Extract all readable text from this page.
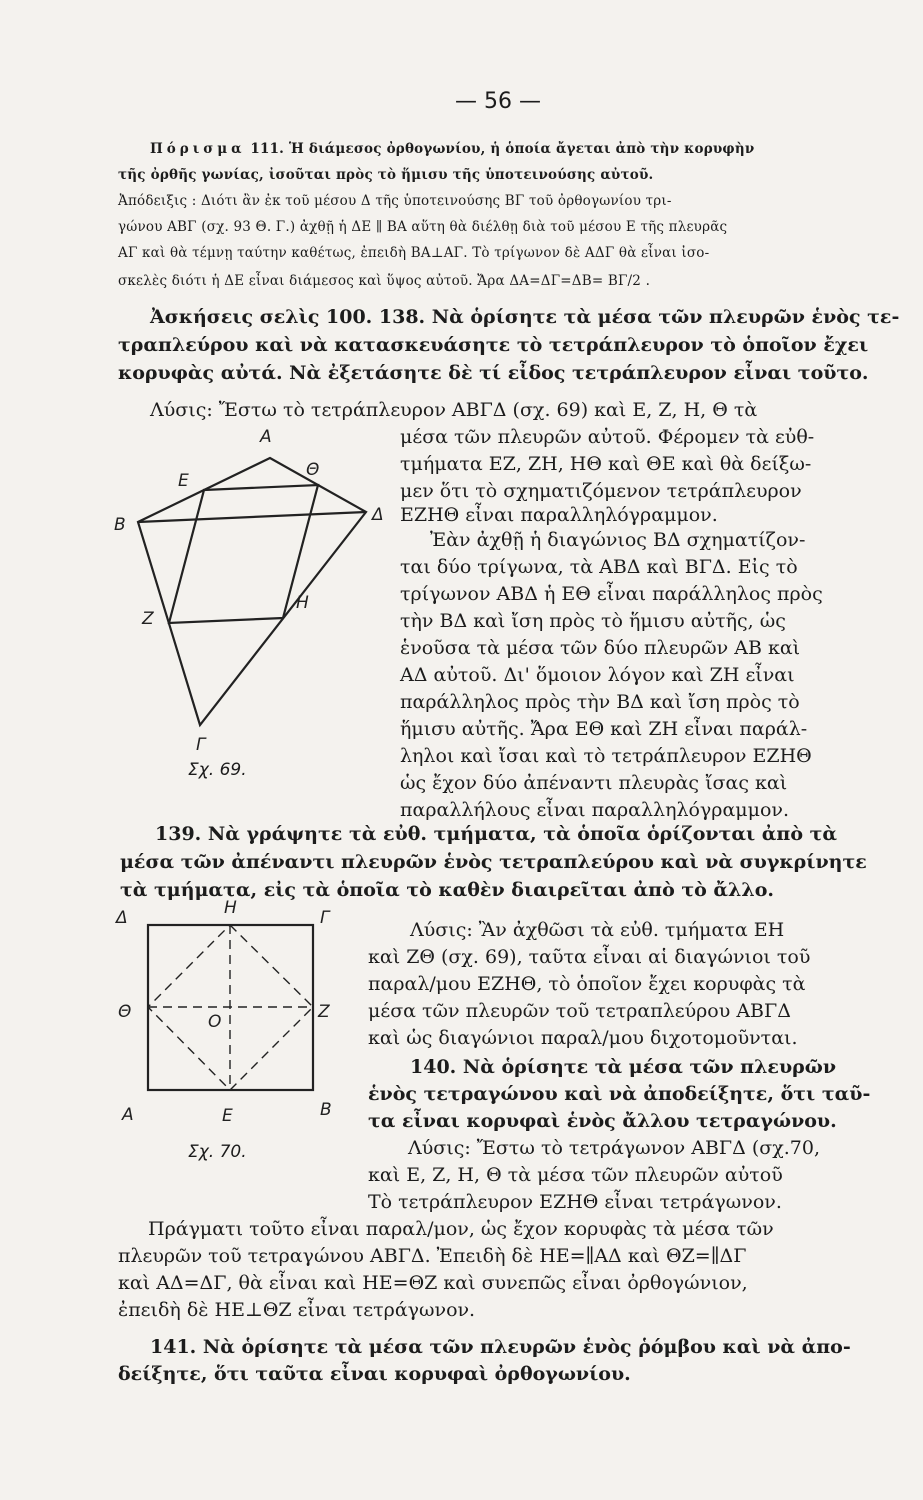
— 56 —
Πόρισμα 111. Ἡ διάμεσος ὀρθογωνίου, ἡ ὁποία ἄγεται ἀπὸ τὴν κορυφὴν
τῆς ὀρθῆς γωνίας, ἰσοῦται πρὸς τὸ ἥμισυ τῆς ὑποτεινούσης αὐτοῦ.
Ἀπόδειξις : Διότι ἂν ἐκ τοῦ μέσου Δ τῆς ὑποτεινούσης ΒΓ τοῦ ὀρθογωνίου τρι-
γώνου ΑΒΓ (σχ. 93 Θ. Γ.) ἀχθῇ ἡ ΔΕ ∥ ΒΑ αὕτη θὰ διέλθῃ διὰ τοῦ μέσου Ε τῆς πλευρᾶς
ΑΓ καὶ θὰ τέμνῃ ταύτην καθέτως, ἐπειδὴ ΒΑ⊥ΑΓ. Τὸ τρίγωνον δὲ ΑΔΓ θὰ εἶναι ἰσο-
σκελὲς διότι ἡ ΔΕ εἶναι διάμεσος καὶ ὕψος αὐτοῦ. Ἄρα ΔΑ=ΔΓ=ΔΒ= ΒΓ/2 .
Ἀσκήσεις σελὶς 100. 138. Νὰ ὁρίσητε τὰ μέσα τῶν πλευρῶν ἑνὸς τε-
τραπλεύρου καὶ νὰ κατασκευάσητε τὸ τετράπλευρον τὸ ὁποῖον ἔχει
κορυφὰς αὐτά. Νὰ ἐξετάσητε δὲ τί εἶδος τετράπλευρον εἶναι τοῦτο.
Λύσις: Ἔστω τὸ τετράπλευρον ΑΒΓΔ (σχ. 69) καὶ Ε, Ζ, Η, Θ τὰ
μέσα τῶν πλευρῶν αὐτοῦ. Φέρομεν τὰ εὐθ-
τμήματα ΕΖ, ΖΗ, ΗΘ καὶ ΘΕ καὶ θὰ δείξω-
μεν ὅτι τὸ σχηματιζόμενον τετράπλευρον
ΕΖΗΘ εἶναι παραλληλόγραμμον.
Ἐὰν ἀχθῇ ἡ διαγώνιος ΒΔ σχηματίζον-
ται δύο τρίγωνα, τὰ ΑΒΔ καὶ ΒΓΔ. Εἰς τὸ
τρίγωνον ΑΒΔ ἡ ΕΘ εἶναι παράλληλος πρὸς
τὴν ΒΔ καὶ ἴση πρὸς τὸ ἥμισυ αὐτῆς, ὡς
ἑνοῦσα τὰ μέσα τῶν δύο πλευρῶν ΑΒ καὶ
ΑΔ αὐτοῦ. Δι' ὅμοιον λόγον καὶ ΖΗ εἶναι
παράλληλος πρὸς τὴν ΒΔ καὶ ἴση πρὸς τὸ
ἥμισυ αὐτῆς. Ἄρα ΕΘ καὶ ΖΗ εἶναι παράλ-
ληλοι καὶ ἴσαι καὶ τὸ τετράπλευρον ΕΖΗΘ
ὡς ἔχον δύο ἀπέναντι πλευρὰς ἴσας καὶ
παραλλήλους εἶναι παραλληλόγραμμον.
Α
Β
Ε
Θ
Δ
Ζ
Η
Γ
Σχ. 69.
139. Νὰ γράψητε τὰ εὐθ. τμήματα, τὰ ὁποῖα ὁρίζονται ἀπὸ τὰ
μέσα τῶν ἀπέναντι πλευρῶν ἑνὸς τετραπλεύρου καὶ νὰ συγκρίνητε
τὰ τμήματα, εἰς τὰ ὁποῖα τὸ καθὲν διαιρεῖται ἀπὸ τὸ ἄλλο.
Λύσις: Ἂν ἀχθῶσι τὰ εὐθ. τμήματα ΕΗ
καὶ ΖΘ (σχ. 69), ταῦτα εἶναι αἱ διαγώνιοι τοῦ
παραλ/μου ΕΖΗΘ, τὸ ὁποῖον ἔχει κορυφὰς τὰ
μέσα τῶν πλευρῶν τοῦ τετραπλεύρου ΑΒΓΔ
καὶ ὡς διαγώνιοι παραλ/μου διχοτομοῦνται.
140. Νὰ ὁρίσητε τὰ μέσα τῶν πλευρῶν
ἑνὸς τετραγώνου καὶ νὰ ἀποδείξητε, ὅτι ταῦ-
τα εἶναι κορυφαὶ ἑνὸς ἄλλου τετραγώνου.
Λύσις: Ἔστω τὸ τετράγωνον ΑΒΓΔ (σχ.70,
καὶ Ε, Ζ, Η, Θ τὰ μέσα τῶν πλευρῶν αὐτοῦ
Τὸ τετράπλευρον ΕΖΗΘ εἶναι τετράγωνον.
Πράγματι τοῦτο εἶναι παραλ/μον, ὡς ἔχον κορυφὰς τὰ μέσα τῶν
πλευρῶν τοῦ τετραγώνου ΑΒΓΔ. Ἐπειδὴ δὲ ΗΕ=∥ΑΔ καὶ ΘΖ=∥ΔΓ
καὶ ΑΔ=ΔΓ, θὰ εἶναι καὶ ΗΕ=ΘΖ καὶ συνεπῶς εἶναι ὀρθογώνιον,
ἐπειδὴ δὲ ΗΕ⊥ΘΖ εἶναι τετράγωνον.
Δ	Η	Γ
Θ	Ζ
Ο
Α	Ε	Β
Σχ. 70.
141. Νὰ ὁρίσητε τὰ μέσα τῶν πλευρῶν ἑνὸς ῥόμβου καὶ νὰ ἀπο-
δείξητε, ὅτι ταῦτα εἶναι κορυφαὶ ὀρθογωνίου.
